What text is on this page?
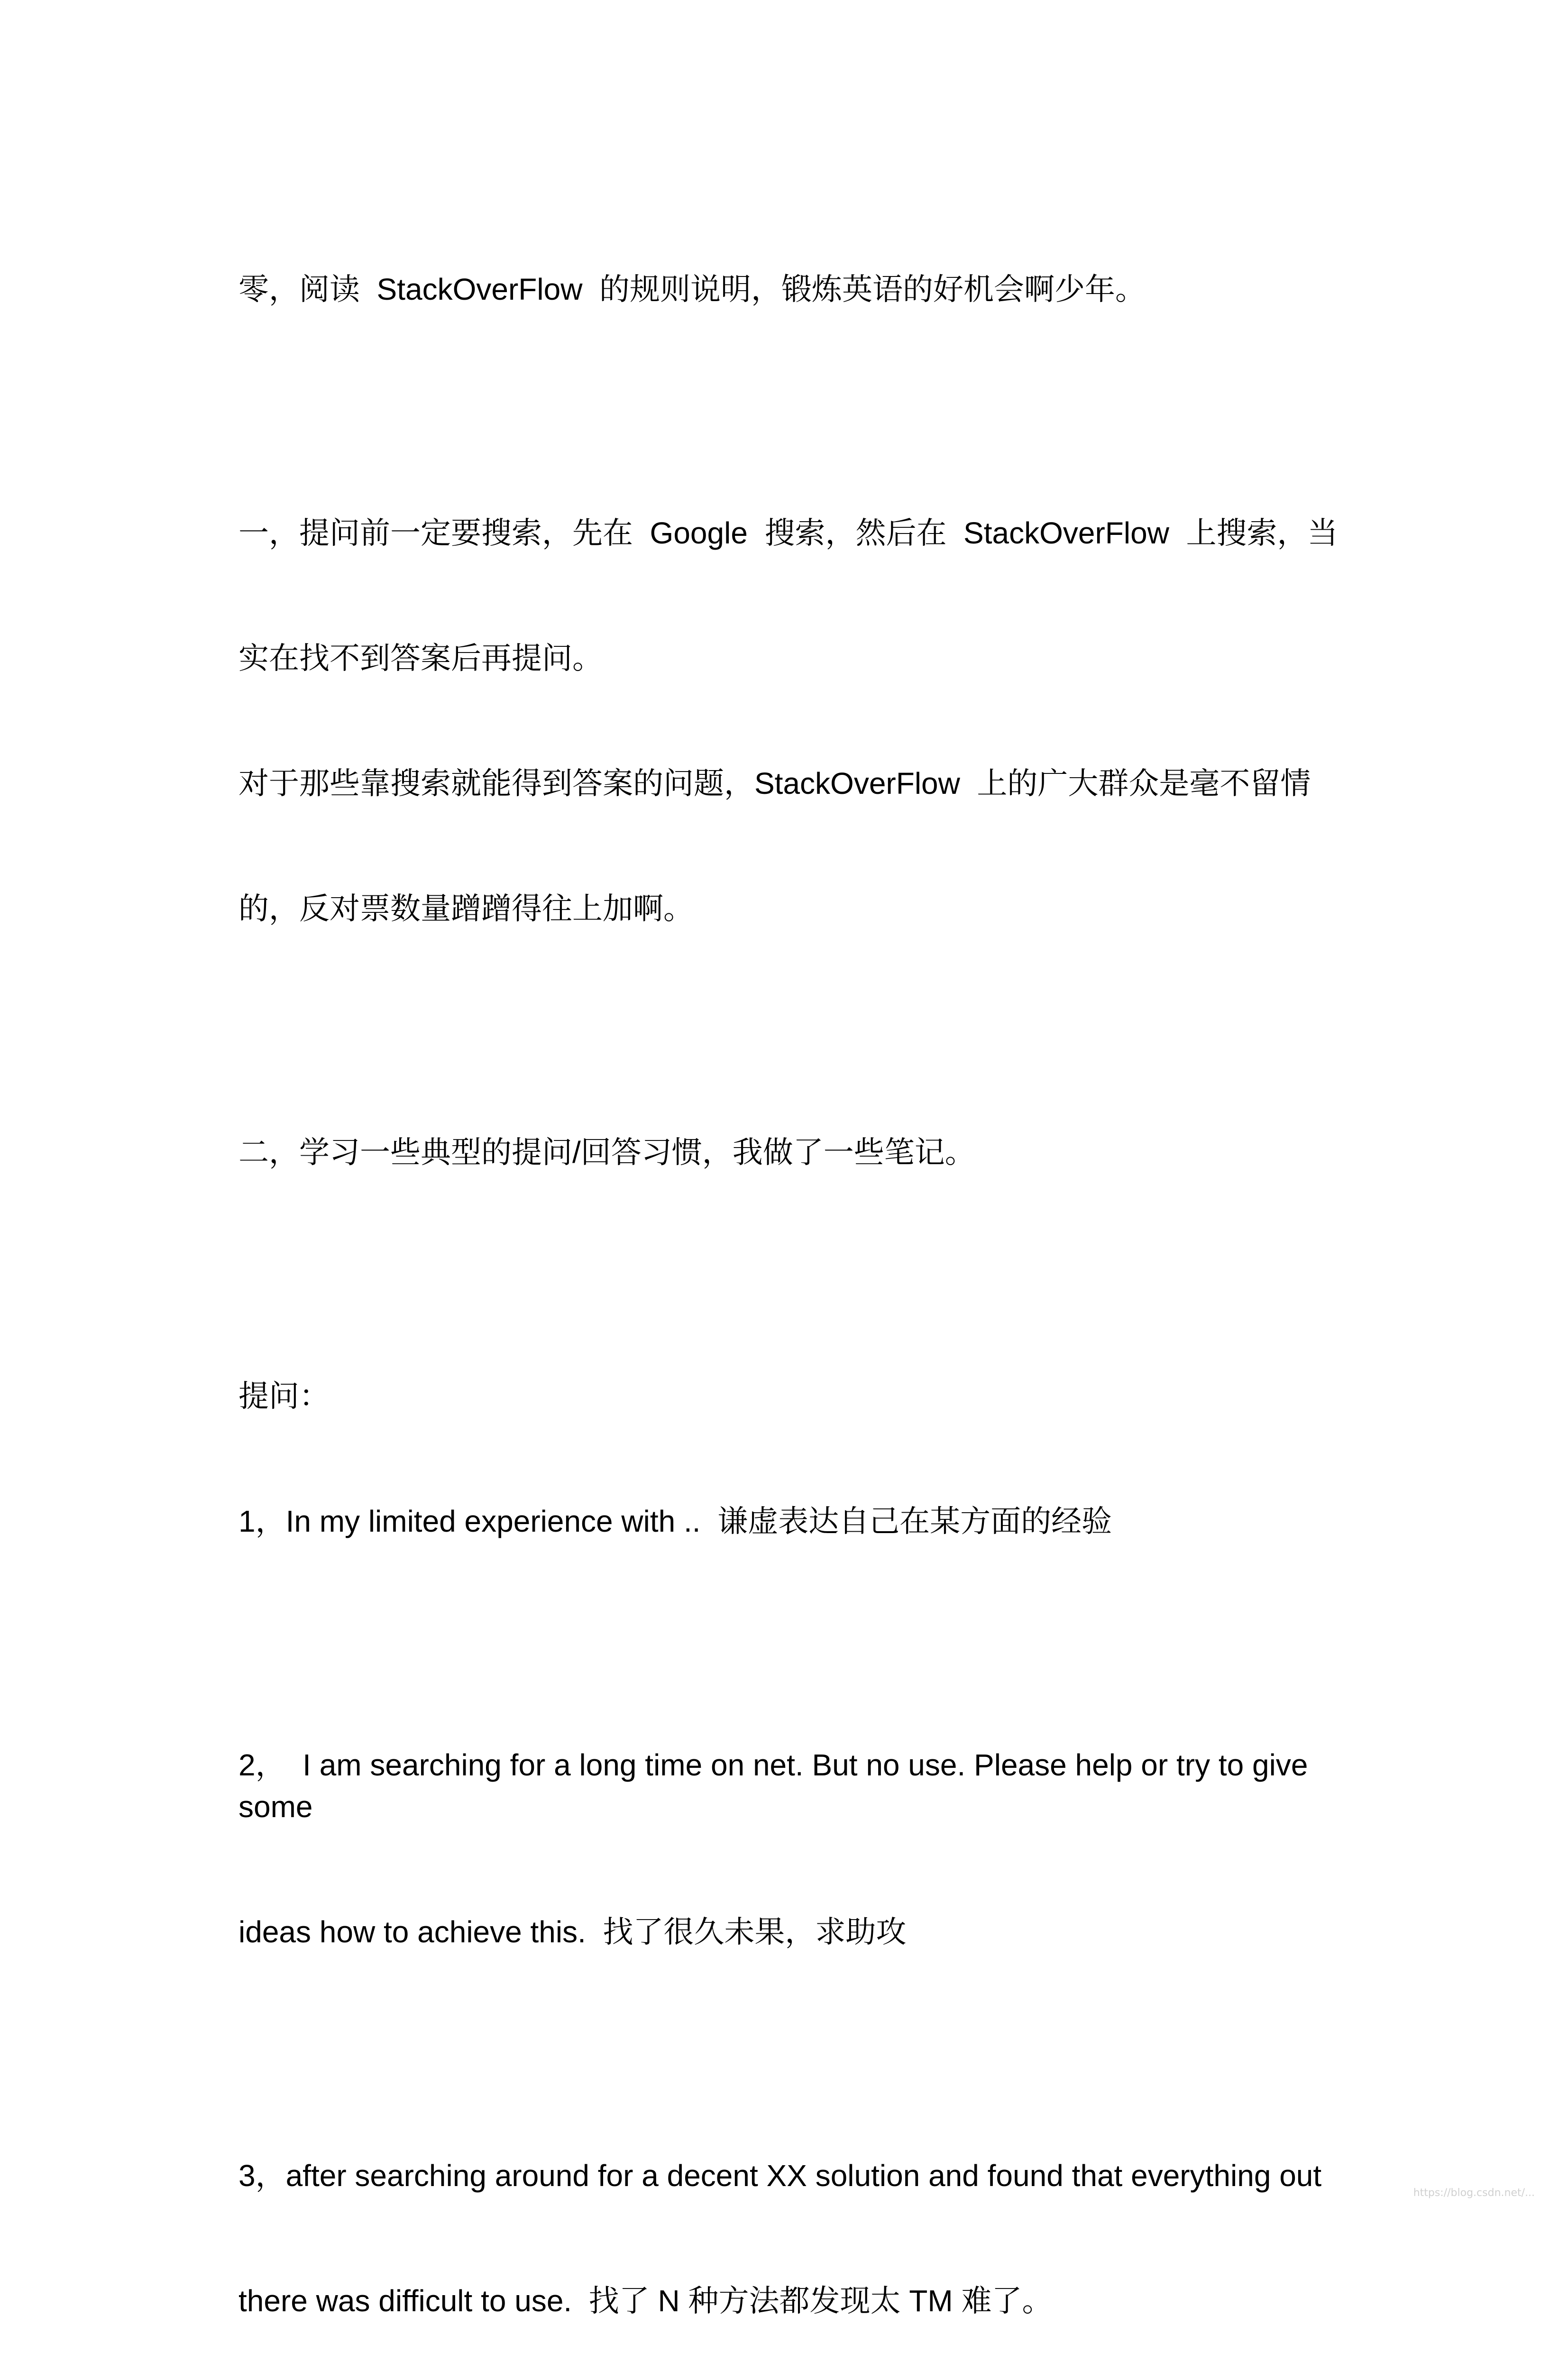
零，阅读  StackOverFlow  的规则说明，锻炼英语的好机会啊少年。

一，提问前一定要搜索，先在  Google  搜索，然后在  StackOverFlow  上搜索，当

实在找不到答案后再提问。

对于那些靠搜索就能得到答案的问题，StackOverFlow  上的广大群众是毫不留情

的，反对票数量蹭蹭得往上加啊。

二，学习一些典型的提问/回答习惯，我做了一些笔记。

提问：

1，In my limited experience with ..  谦虚表达自己在某方面的经验

2，  I am searching for a long time on net. But no use. Please help or try to give some

ideas how to achieve this.  找了很久未果，求助攻

3，after searching around for a decent XX solution and found that everything out

there was difficult to use.  找了 N 种方法都发现太 TM 难了。

https://blog.csdn.net/...
